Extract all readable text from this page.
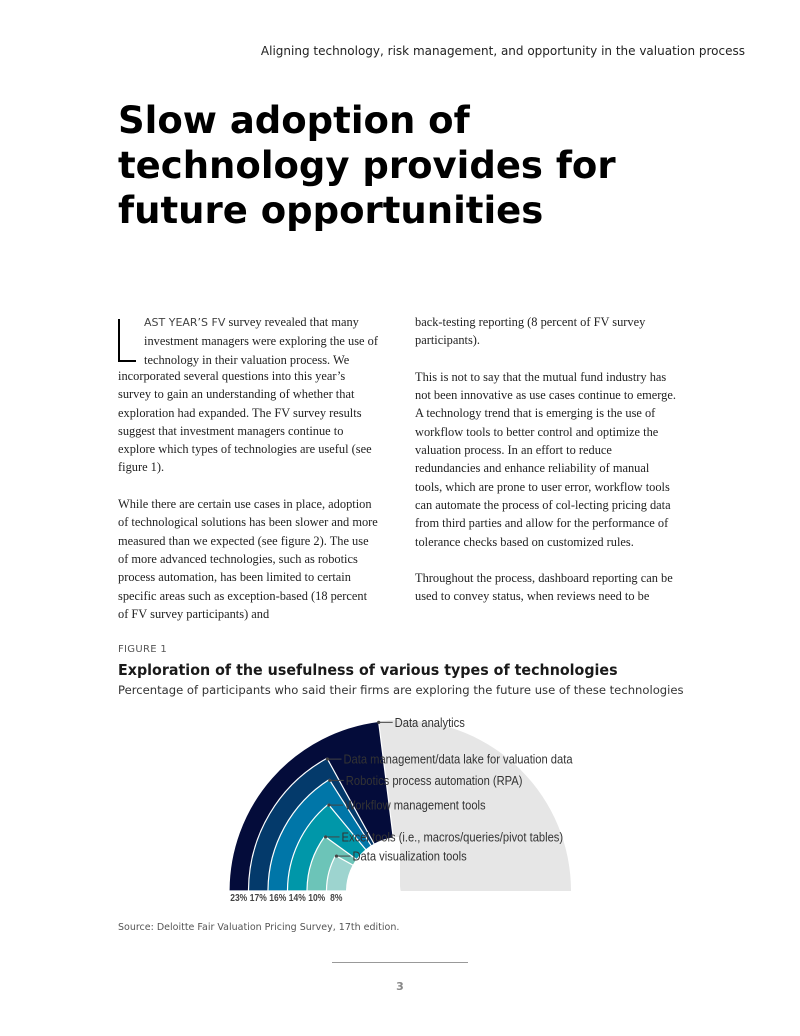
Aligning technology, risk management, and opportunity in the valuation process
Slow adoption of technology provides for future opportunities
AST YEAR’S FV survey revealed that many investment managers were exploring the use of technology in their valuation process. We

incorporated several questions into this year’s survey to gain an understanding of whether that exploration had expanded. The FV survey results suggest that investment managers continue to explore which types of technologies are useful (see figure 1).

While there are certain use cases in place, adoption of technological solutions has been slower and more measured than we expected (see figure 2). The use of more advanced technologies, such as robotics process automation, has been limited to certain specific areas such as exception-based (18 percent of FV survey participants) and

back-testing reporting (8 percent of FV survey participants).

This is not to say that the mutual fund industry has not been innovative as use cases continue to emerge. A technology trend that is emerging is the use of workflow tools to better control and optimize the valuation process. In an effort to reduce redundancies and enhance reliability of manual tools, which are prone to user error, workflow tools can automate the process of col-lecting pricing data from third parties and allow for the performance of tolerance checks based on customized rules.

Throughout the process, dashboard reporting can be used to convey status, when reviews need to be

FIGURE 1
Exploration of the usefulness of various types of technologies
Percentage of participants who said their firms are exploring the future use of these technologies
Data analytics
Data management/data lake for valuation data
Robotics process automation (RPA)
Workflow management tools
Excel tools (i.e., macros/queries/pivot tables)
Data visualization tools
23% 17% 16% 14% 10% 8%
Source: Deloitte Fair Valuation Pricing Survey, 17th edition.
3
